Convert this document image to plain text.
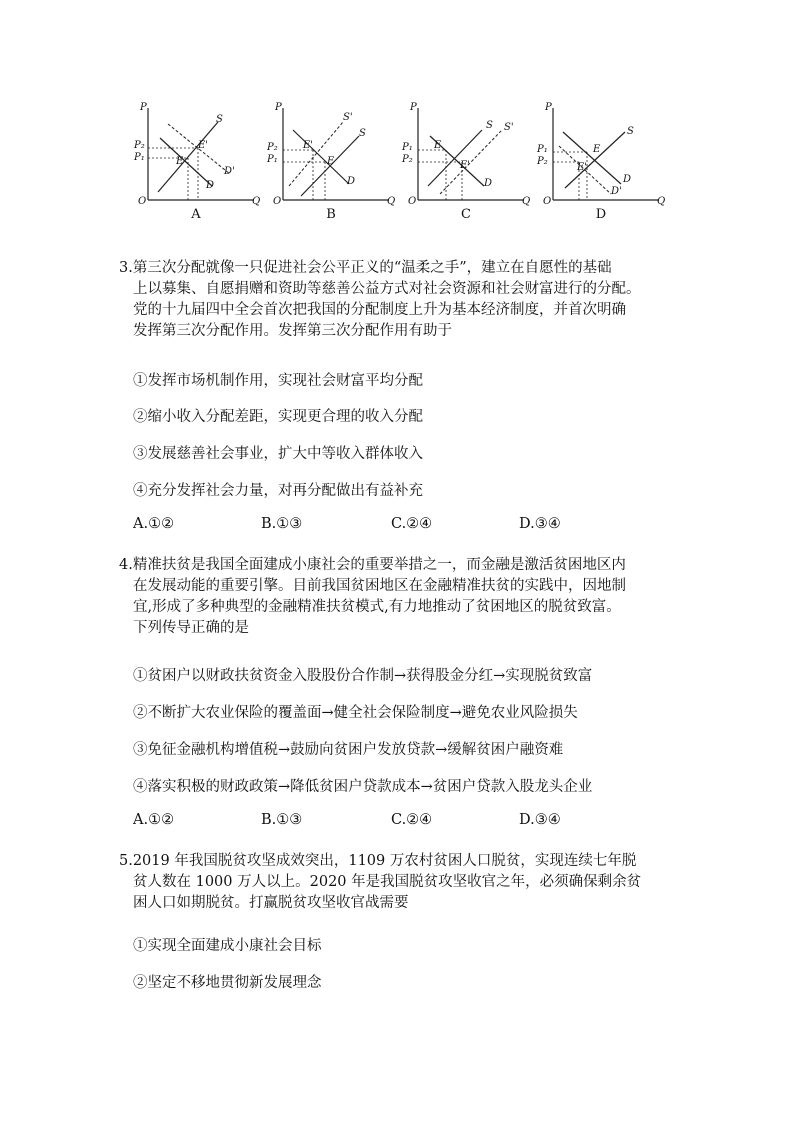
P
P₂
P₁
S
E
E'
D
D'
O	Q
A
P
P₂
P₁
S
S'
E
E'
D
O	Q
B
P
P₁
P₂
S S'
E
E'
D
O	Q
C
P
P₁
P₂
S
E
E'
D
D'
O	Q
D

3.第三次分配就像一只促进社会公平正义的“温柔之手”，建立在自愿性的基础

上以募集、自愿捐赠和资助等慈善公益方式对社会资源和社会财富进行的分配。

党的十九届四中全会首次把我国的分配制度上升为基本经济制度，并首次明确

发挥第三次分配作用。发挥第三次分配作用有助于

①发挥市场机制作用，实现社会财富平均分配
②缩小收入分配差距，实现更合理的收入分配
③发展慈善社会事业，扩大中等收入群体收入
④充分发挥社会力量，对再分配做出有益补充
A.①②	B.①③	C.②④	D.③④

4.精准扶贫是我国全面建成小康社会的重要举措之一，而金融是激活贫困地区内

在发展动能的重要引擎。目前我国贫困地区在金融精准扶贫的实践中，因地制

宜,形成了多种典型的金融精准扶贫模式,有力地推动了贫困地区的脱贫致富。

下列传导正确的是

①贫困户以财政扶贫资金入股股份合作制→获得股金分红→实现脱贫致富
②不断扩大农业保险的覆盖面→健全社会保险制度→避免农业风险损失
③免征金融机构增值税→鼓励向贫困户发放贷款→缓解贫困户融资难
④落实积极的财政政策→降低贫困户贷款成本→贫困户贷款入股龙头企业
A.①②	B.①③	C.②④	D.③④

5.2019 年我国脱贫攻坚成效突出，1109 万农村贫困人口脱贫，实现连续七年脱

贫人数在 1000 万人以上。2020 年是我国脱贫攻坚收官之年，必须确保剩余贫

困人口如期脱贫。打赢脱贫攻坚收官战需要

①实现全面建成小康社会目标
②坚定不移地贯彻新发展理念
